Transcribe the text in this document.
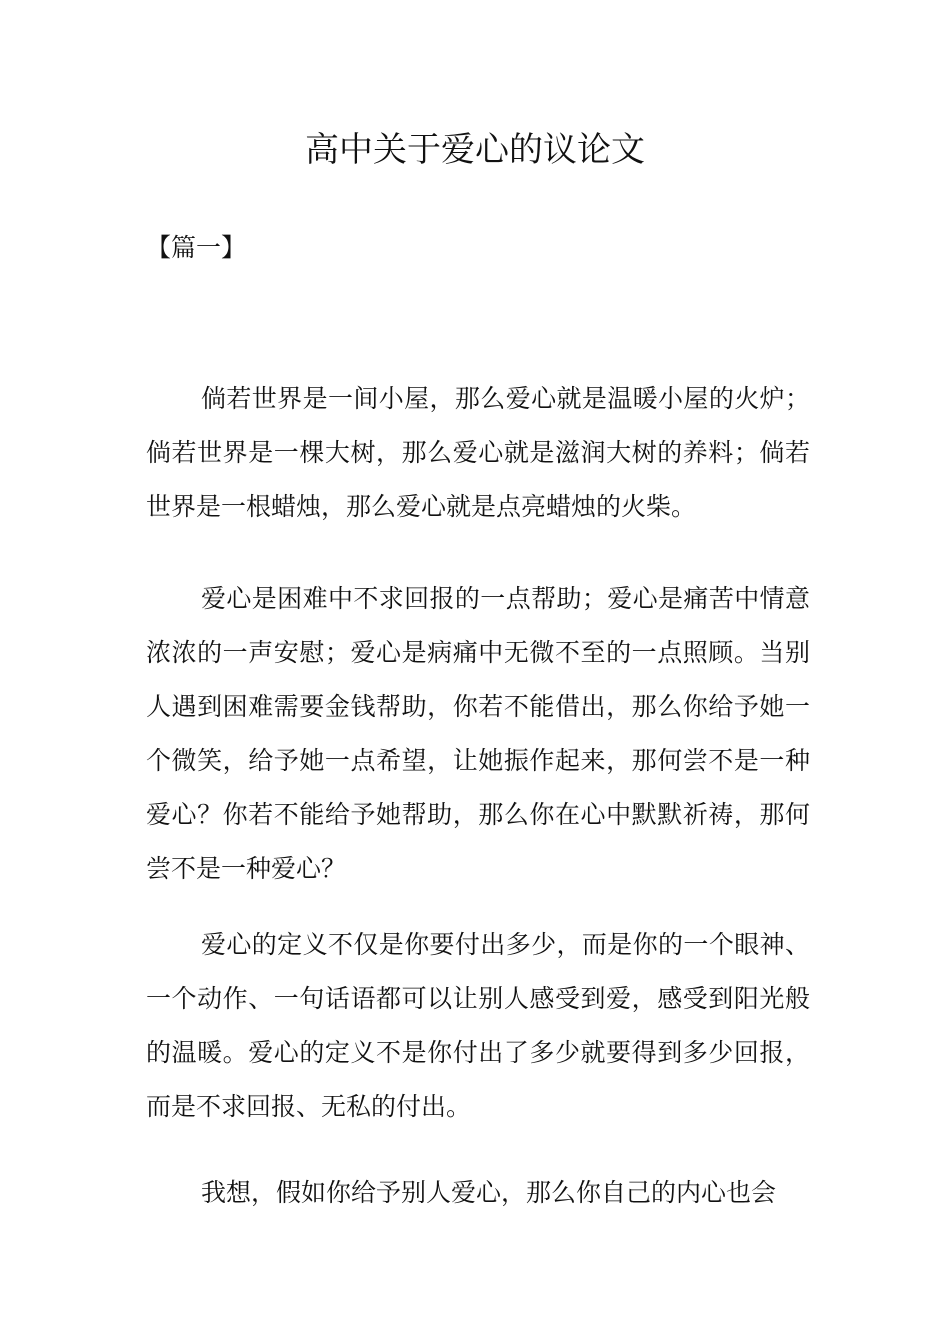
高中关于爱心的议论文

【篇一】

倘若世界是一间小屋，那么爱心就是温暖小屋的火炉；倘若世界是一棵大树，那么爱心就是滋润大树的养料；倘若世界是一根蜡烛，那么爱心就是点亮蜡烛的火柴。

爱心是困难中不求回报的一点帮助；爱心是痛苦中情意浓浓的一声安慰；爱心是病痛中无微不至的一点照顾。当别人遇到困难需要金钱帮助，你若不能借出，那么你给予她一个微笑，给予她一点希望，让她振作起来，那何尝不是一种爱心？你若不能给予她帮助，那么你在心中默默祈祷，那何尝不是一种爱心？

爱心的定义不仅是你要付出多少，而是你的一个眼神、一个动作、一句话语都可以让别人感受到爱，感受到阳光般的温暖。爱心的定义不是你付出了多少就要得到多少回报，而是不求回报、无私的付出。

我想，假如你给予别人爱心，那么你自己的内心也会
